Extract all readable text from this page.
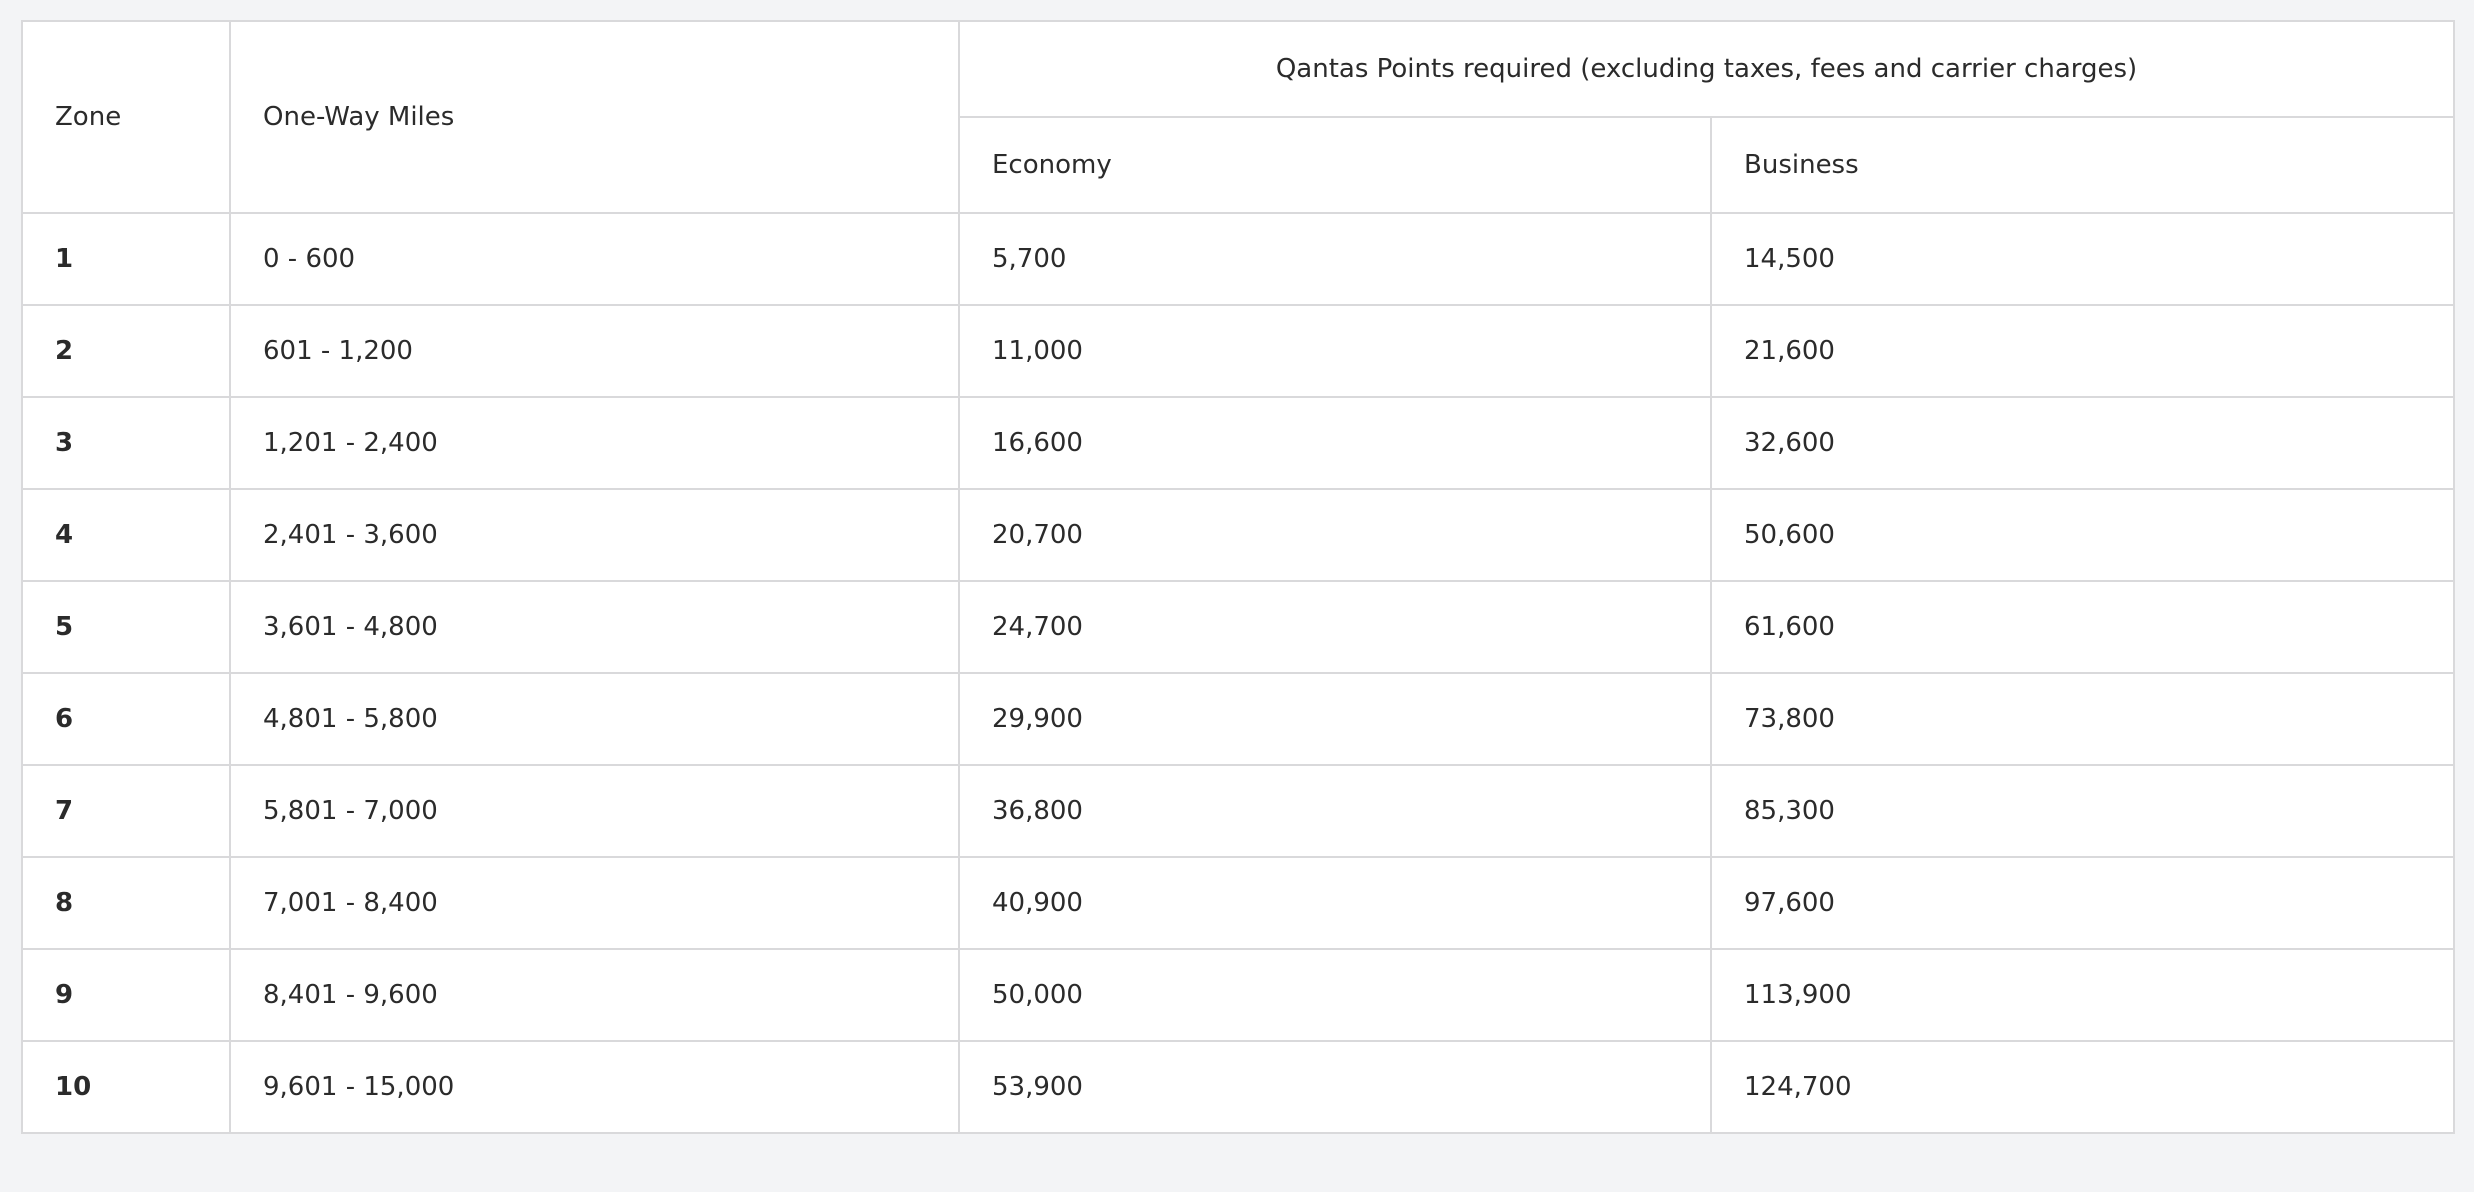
Zone	One-Way Miles	Qantas Points required (excluding taxes, fees and carrier charges)	
		Economy	Business
1	0 - 600	5,700	14,500
2	601 - 1,200	11,000	21,600
3	1,201 - 2,400	16,600	32,600
4	2,401 - 3,600	20,700	50,600
5	3,601 - 4,800	24,700	61,600
6	4,801 - 5,800	29,900	73,800
7	5,801 - 7,000	36,800	85,300
8	7,001 - 8,400	40,900	97,600
9	8,401 - 9,600	50,000	113,900
10	9,601 - 15,000	53,900	124,700
